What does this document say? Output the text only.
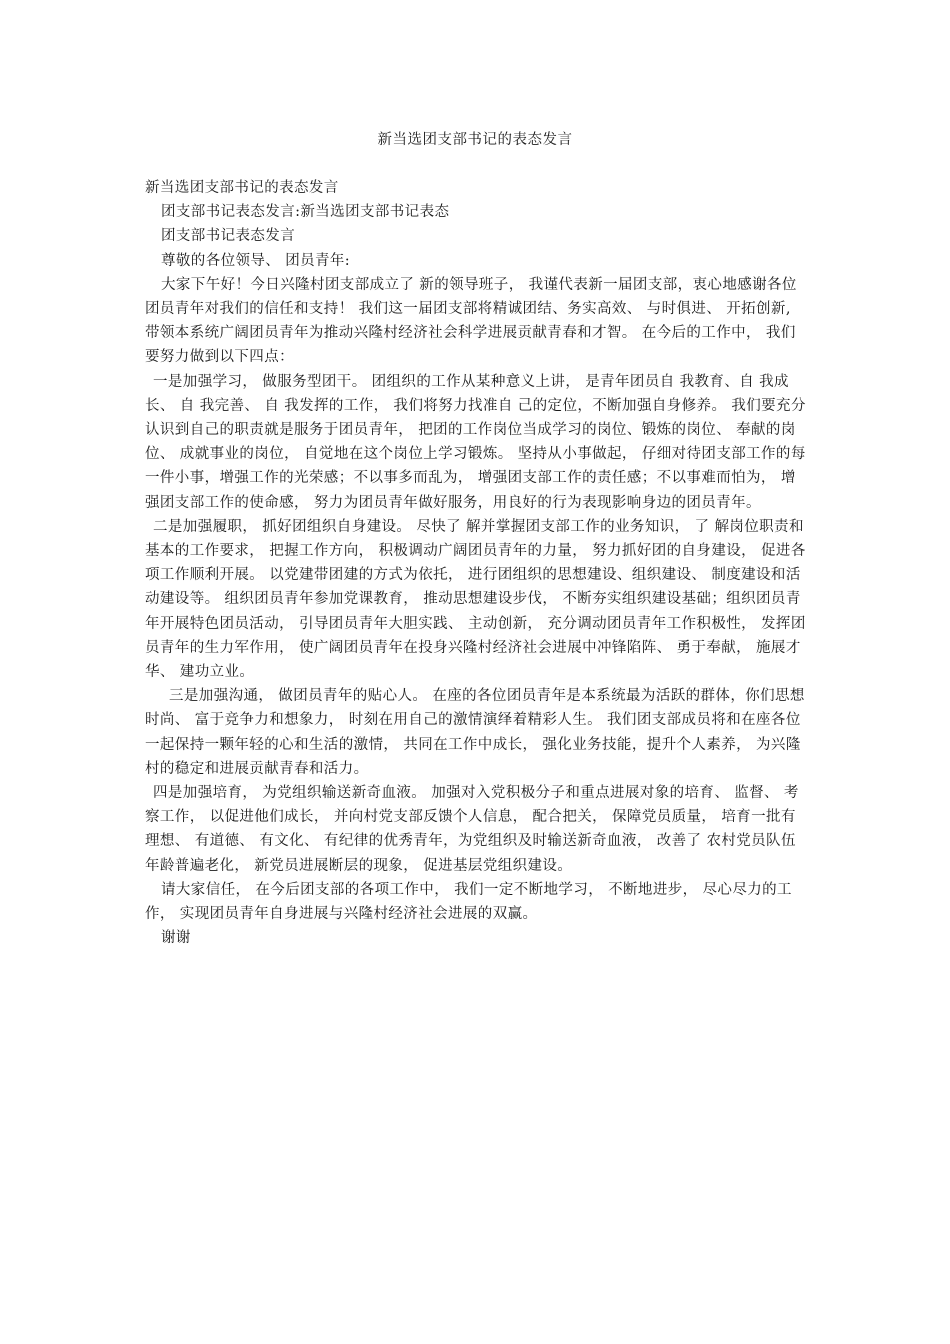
新当选团支部书记的表态发言

新当选团支部书记的表态发言

团支部书记表态发言:新当选团支部书记表态

团支部书记表态发言

尊敬的各位领导、 团员青年:

大家下午好！今日兴隆村团支部成立了 新的领导班子， 我谨代表新一届团支部，衷心地感谢各位团员青年对我们的信任和支持！ 我们这一届团支部将精诚团结、务实高效、 与时俱进、 开拓创新, 带领本系统广阔团员青年为推动兴隆村经济社会科学进展贡献青春和才智。 在今后的工作中， 我们要努力做到以下四点：

一是加强学习， 做服务型团干。 团组织的工作从某种意义上讲， 是青年团员自 我教育、自 我成长、 自 我完善、 自 我发挥的工作， 我们将努力找准自 己的定位，不断加强自身修养。 我们要充分认识到自己的职责就是服务于团员青年， 把团的工作岗位当成学习的岗位、锻炼的岗位、 奉献的岗位、 成就事业的岗位， 自觉地在这个岗位上学习锻炼。 坚持从小事做起， 仔细对待团支部工作的每一件小事，增强工作的光荣感；不以事多而乱为， 增强团支部工作的责任感；不以事难而怕为， 增强团支部工作的使命感， 努力为团员青年做好服务，用良好的行为表现影响身边的团员青年。

二是加强履职， 抓好团组织自身建设。 尽快了 解并掌握团支部工作的业务知识， 了 解岗位职责和基本的工作要求， 把握工作方向， 积极调动广阔团员青年的力量， 努力抓好团的自身建设， 促进各项工作顺利开展。 以党建带团建的方式为依托， 进行团组织的思想建设、组织建设、 制度建设和活动建设等。 组织团员青年参加党课教育， 推动思想建设步伐， 不断夯实组织建设基础；组织团员青年开展特色团员活动， 引导团员青年大胆实践、 主动创新， 充分调动团员青年工作积极性， 发挥团员青年的生力军作用， 使广阔团员青年在投身兴隆村经济社会进展中冲锋陷阵、 勇于奉献， 施展才华、 建功立业。

三是加强沟通， 做团员青年的贴心人。 在座的各位团员青年是本系统最为活跃的群体，你们思想时尚、 富于竞争力和想象力， 时刻在用自己的激情演绎着精彩人生。 我们团支部成员将和在座各位一起保持一颗年轻的心和生活的激情， 共同在工作中成长， 强化业务技能，提升个人素养， 为兴隆村的稳定和进展贡献青春和活力。

四是加强培育， 为党组织输送新奇血液。 加强对入党积极分子和重点进展对象的培育、 监督、 考察工作， 以促进他们成长， 并向村党支部反馈个人信息， 配合把关， 保障党员质量， 培育一批有理想、 有道德、 有文化、 有纪律的优秀青年，为党组织及时输送新奇血液， 改善了 农村党员队伍年龄普遍老化， 新党员进展断层的现象， 促进基层党组织建设。

请大家信任， 在今后团支部的各项工作中， 我们一定不断地学习， 不断地进步， 尽心尽力的工作， 实现团员青年自身进展与兴隆村经济社会进展的双赢。

谢谢
